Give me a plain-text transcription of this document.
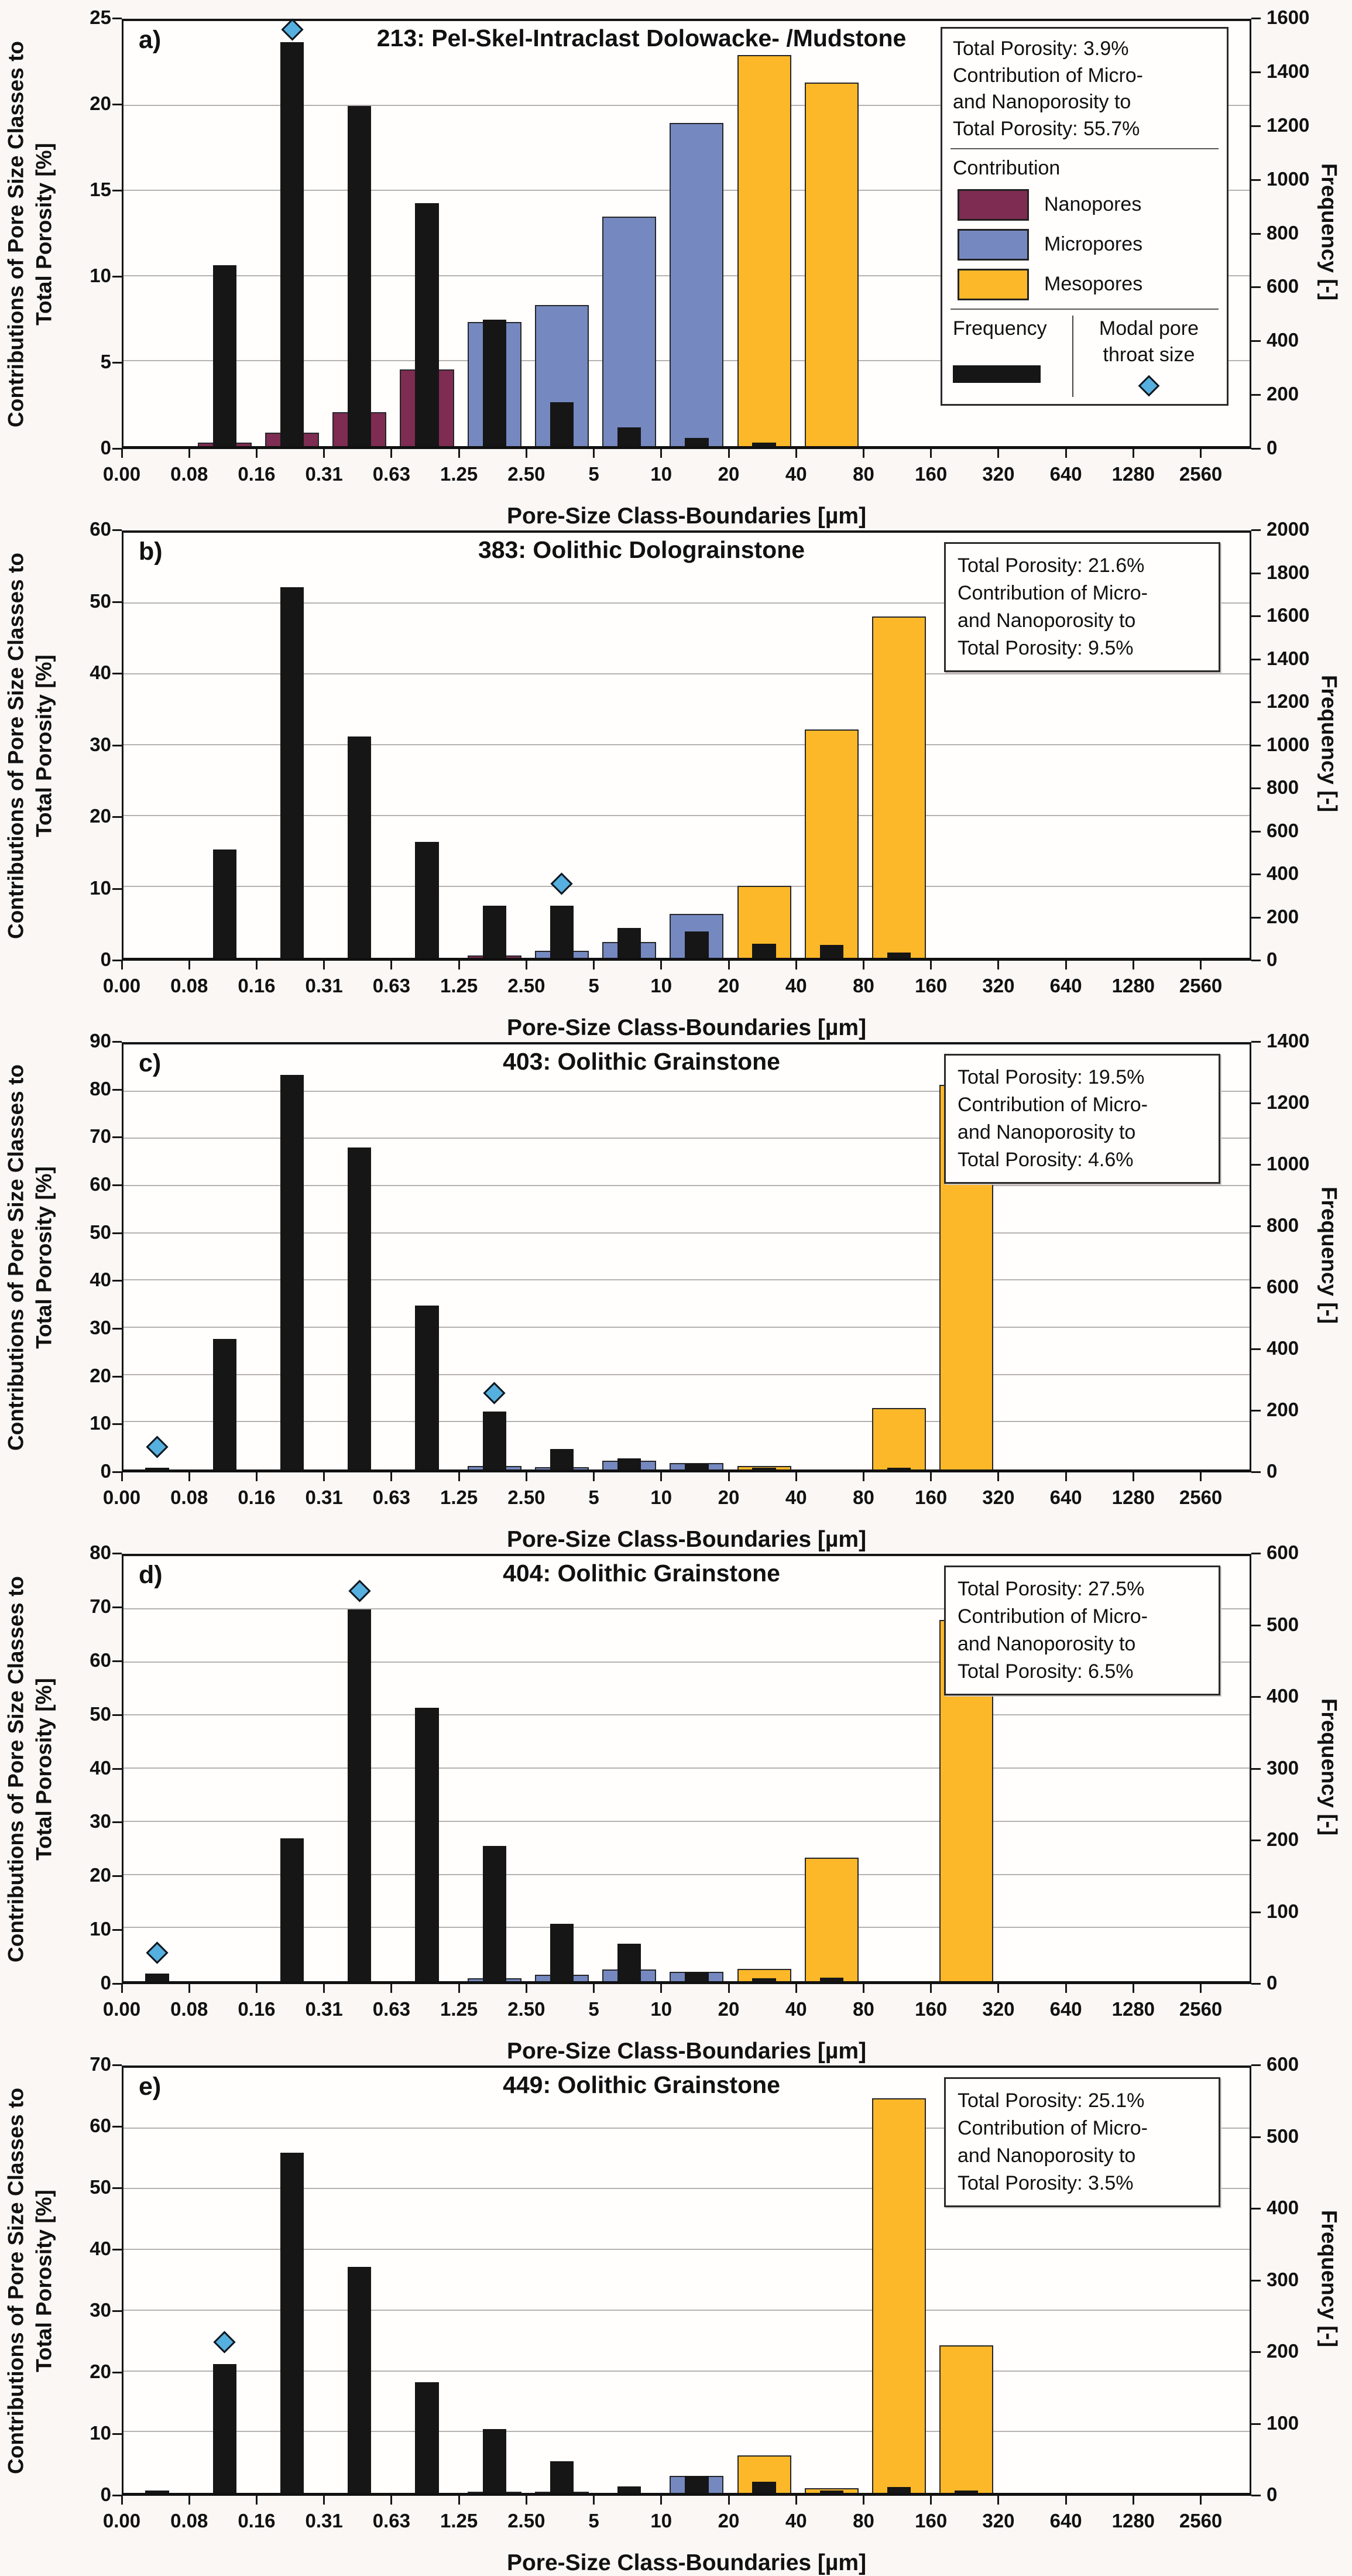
Contributions of Pore Size Classes to Total Porosity [%]
a)	213: Pel-Skel-Intraclast Dolowacke- /Mudstone	Total Porosity: 3.9%
Contribution of Micro-
and Nanoporosity to
Total Porosity: 55.7%
Contribution
Nanopores
Micropores
Mesopores
Frequency	Modal pore
throat size
Frequency [-]
Pore-Size Class-Boundaries [µm]
0
5
10
15
20
25
0
200
400
600
800
1000
1200
1400
1600
0.00	0.08	0.16	0.31	0.63	1.25	2.50	5	10	20	40	80	160	320	640	1280	2560
Contributions of Pore Size Classes to Total Porosity [%]
b)	383: Oolithic Dolograinstone
Total Porosity: 21.6%
Contribution of Micro-
and Nanoporosity to
Total Porosity: 9.5%
Frequency [-]
Pore-Size Class-Boundaries [µm]
0
10
20
30
40
50
60
0
200
400
600
800
1000
1200
1400
1600
1800
2000
0.00	0.08	0.16	0.31	0.63	1.25	2.50	5	10	20	40	80	160	320	640	1280	2560
Contributions of Pore Size Classes to Total Porosity [%]
c)	403: Oolithic Grainstone
Total Porosity: 19.5%
Contribution of Micro-
and Nanoporosity to
Total Porosity: 4.6%
Frequency [-]
Pore-Size Class-Boundaries [µm]
0
10
20
30
40
50
60
70
80
90
0
200
400
600
800
1000
1200
1400
0.00	0.08	0.16	0.31	0.63	1.25	2.50	5	10	20	40	80	160	320	640	1280	2560
Contributions of Pore Size Classes to Total Porosity [%]
d)	404: Oolithic Grainstone
Total Porosity: 27.5%
Contribution of Micro-
and Nanoporosity to
Total Porosity: 6.5%
Frequency [-]
Pore-Size Class-Boundaries [µm]
0
10
20
30
40
50
60
70
80
0
100
200
300
400
500
600
0.00	0.08	0.16	0.31	0.63	1.25	2.50	5	10	20	40	80	160	320	640	1280	2560
Contributions of Pore Size Classes to Total Porosity [%]
e)	449: Oolithic Grainstone
Total Porosity: 25.1%
Contribution of Micro-
and Nanoporosity to
Total Porosity: 3.5%
Frequency [-]
Pore-Size Class-Boundaries [µm]
0
10
20
30
40
50
60
70
0
100
200
300
400
500
600
0.00	0.08	0.16	0.31	0.63	1.25	2.50	5	10	20	40	80	160	320	640	1280	2560
